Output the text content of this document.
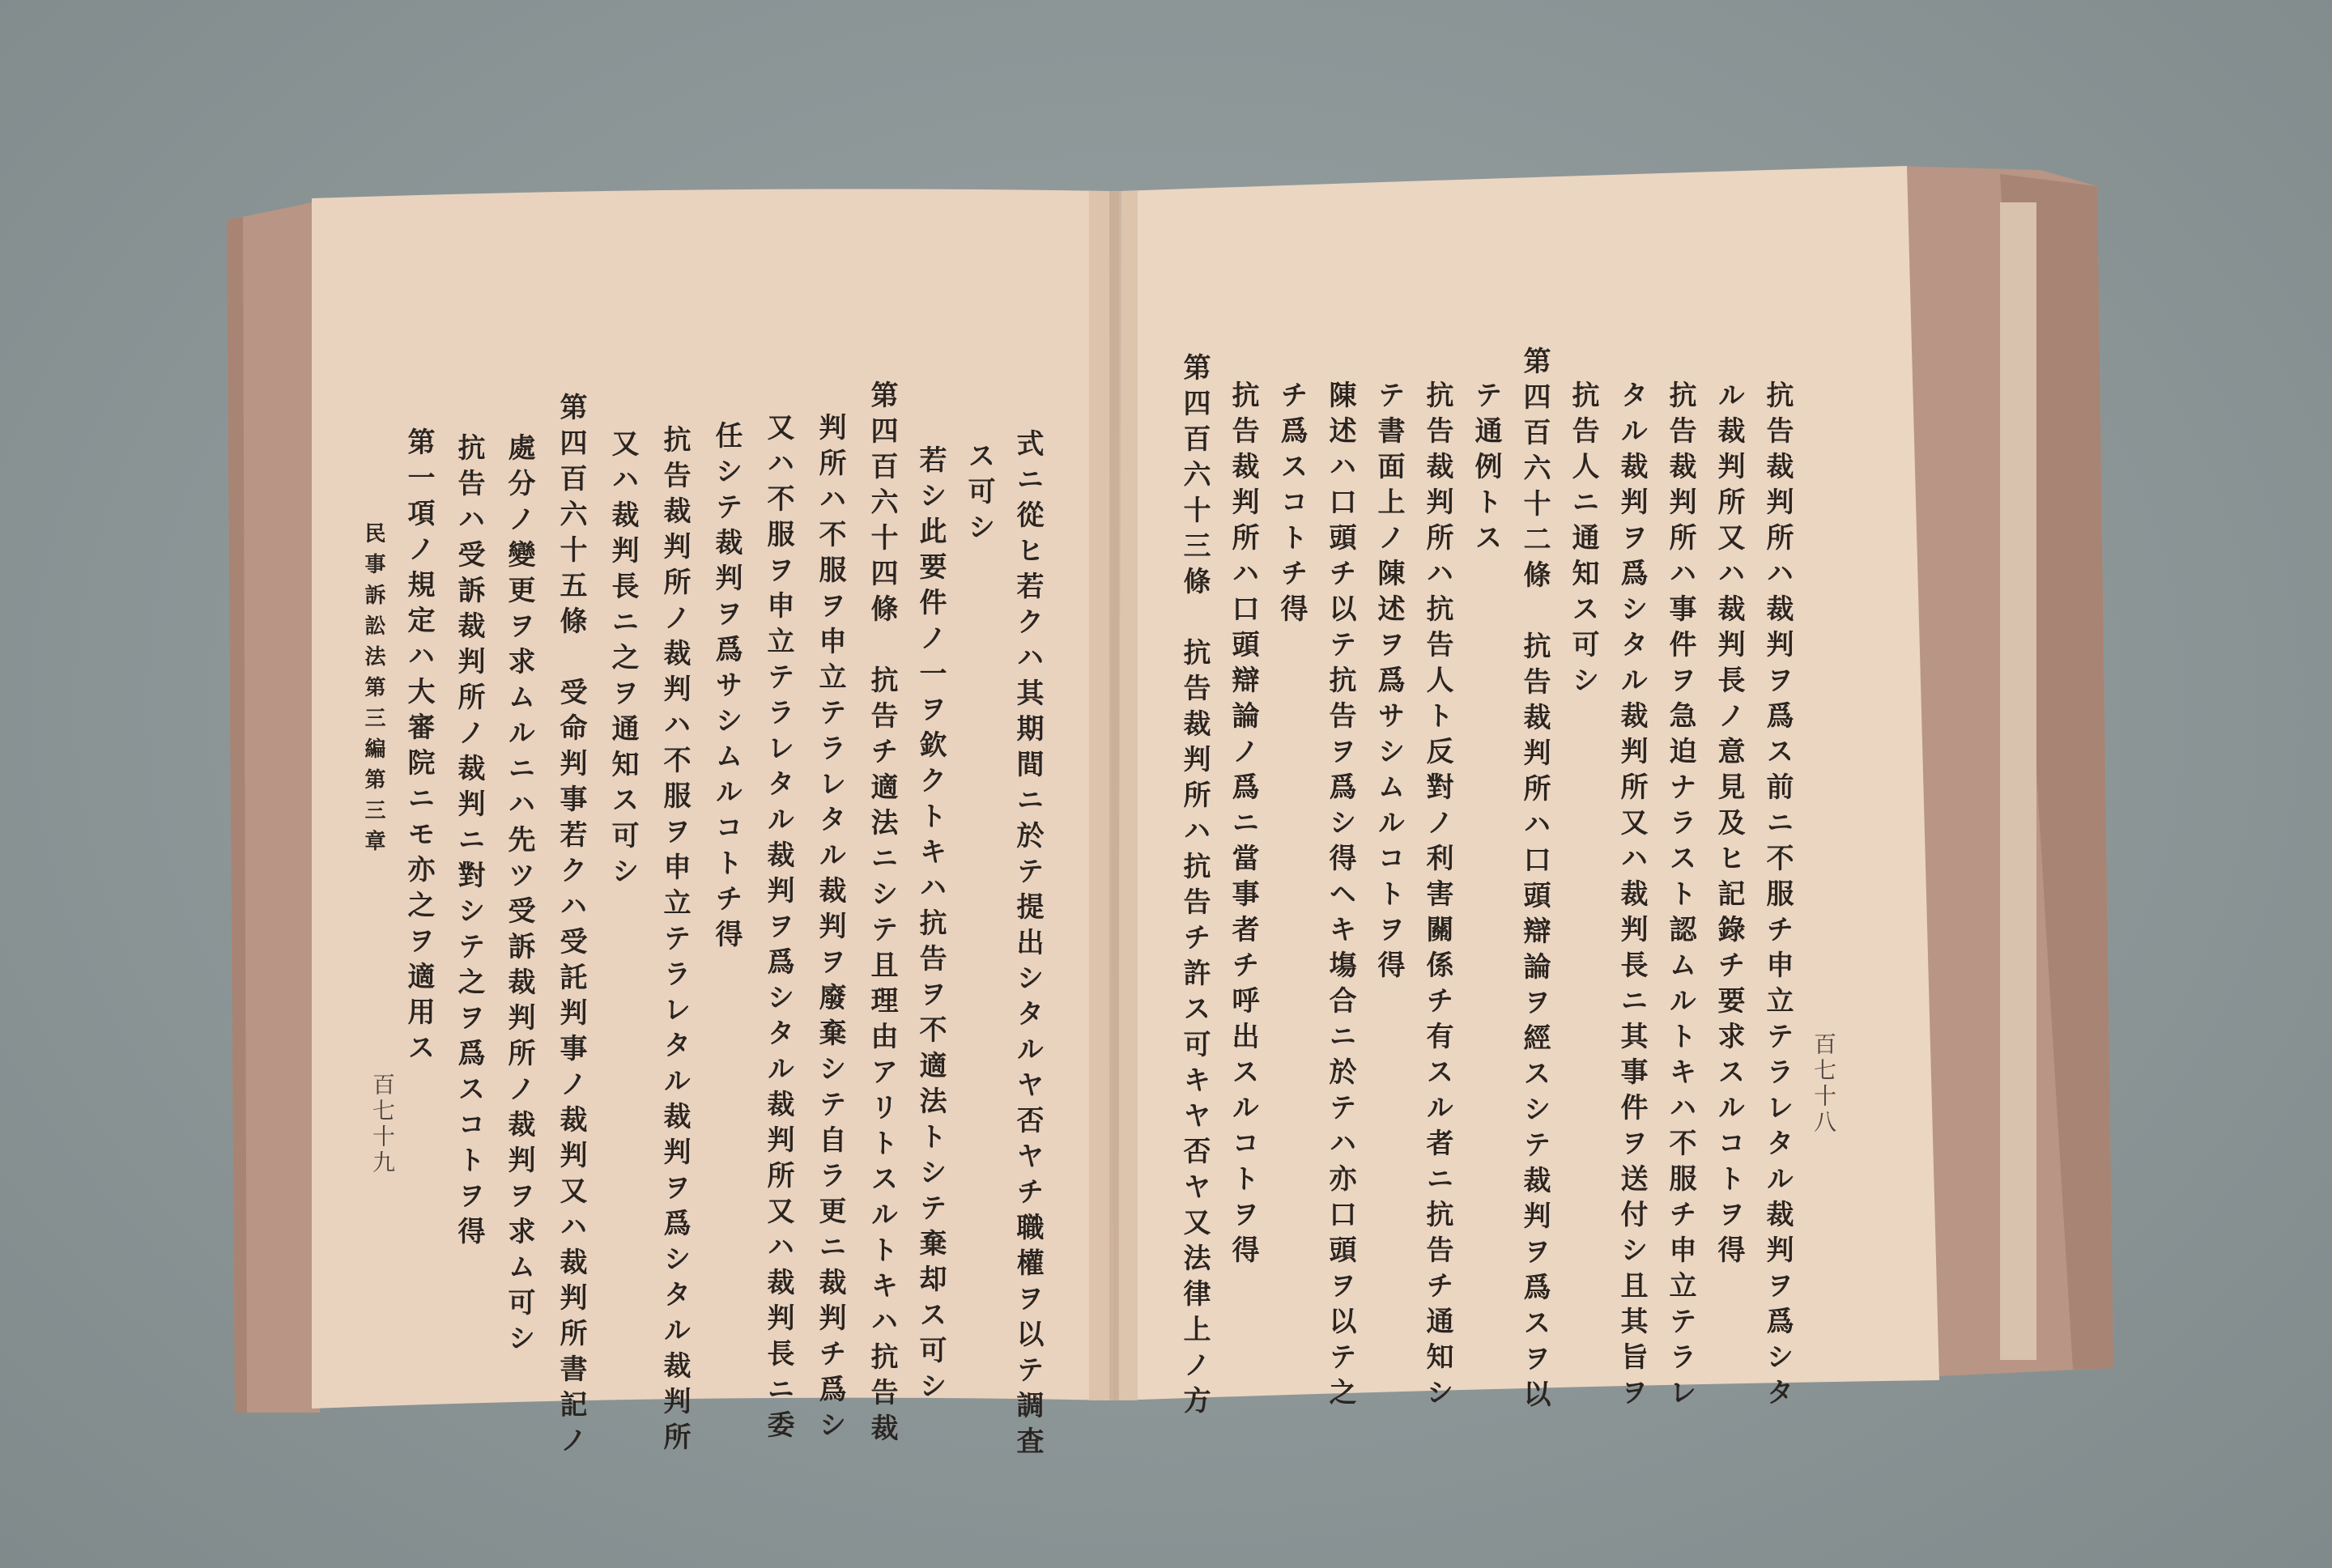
百七十八
抗告裁判所ハ裁判ヲ爲ス前ニ不服チ申立テラレタル裁判ヲ爲シタ
ル裁判所又ハ裁判長ノ意見及ヒ記錄チ要求スルコトヲ得
抗告裁判所ハ事件ヲ急迫ナラスト認ムルトキハ不服チ申立テラレ
タル裁判ヲ爲シタル裁判所又ハ裁判長ニ其事件ヲ送付シ且其旨ヲ
抗告人ニ通知ス可シ
第四百六十二條　抗告裁判所ハ口頭辯論ヲ經スシテ裁判ヲ爲スヲ以
テ通例トス
抗告裁判所ハ抗告人ト反對ノ利害關係チ有スル者ニ抗告チ通知シ
テ書面上ノ陳述ヲ爲サシムルコトヲ得
陳述ハ口頭チ以テ抗告ヲ爲シ得ヘキ塲合ニ於テハ亦口頭ヲ以テ之
チ爲スコトチ得
抗告裁判所ハ口頭辯論ノ爲ニ當事者チ呼出スルコトヲ得
第四百六十三條　抗告裁判所ハ抗告チ許ス可キヤ否ヤ又法律上ノ方
式ニ從ヒ若クハ其期間ニ於テ提出シタルヤ否ヤチ職權ヲ以テ調査
ス可シ
若シ此要件ノ一ヲ欽クトキハ抗告ヲ不適法トシテ棄却ス可シ
第四百六十四條　抗告チ適法ニシテ且理由アリトスルトキハ抗告裁
判所ハ不服ヲ申立テラレタル裁判ヲ廢棄シテ自ラ更ニ裁判チ爲シ
又ハ不服ヲ申立テラレタル裁判ヲ爲シタル裁判所又ハ裁判長ニ委
任シテ裁判ヲ爲サシムルコトチ得
抗告裁判所ノ裁判ハ不服ヲ申立テラレタル裁判ヲ爲シタル裁判所
又ハ裁判長ニ之ヲ通知ス可シ
第四百六十五條　受命判事若クハ受託判事ノ裁判又ハ裁判所書記ノ
處分ノ變更ヲ求ムルニハ先ツ受訴裁判所ノ裁判ヲ求ム可シ
抗告ハ受訴裁判所ノ裁判ニ對シテ之ヲ爲スコトヲ得
第一項ノ規定ハ大審院ニモ亦之ヲ適用ス
民事訴訟法第三編第三章
百七十九
